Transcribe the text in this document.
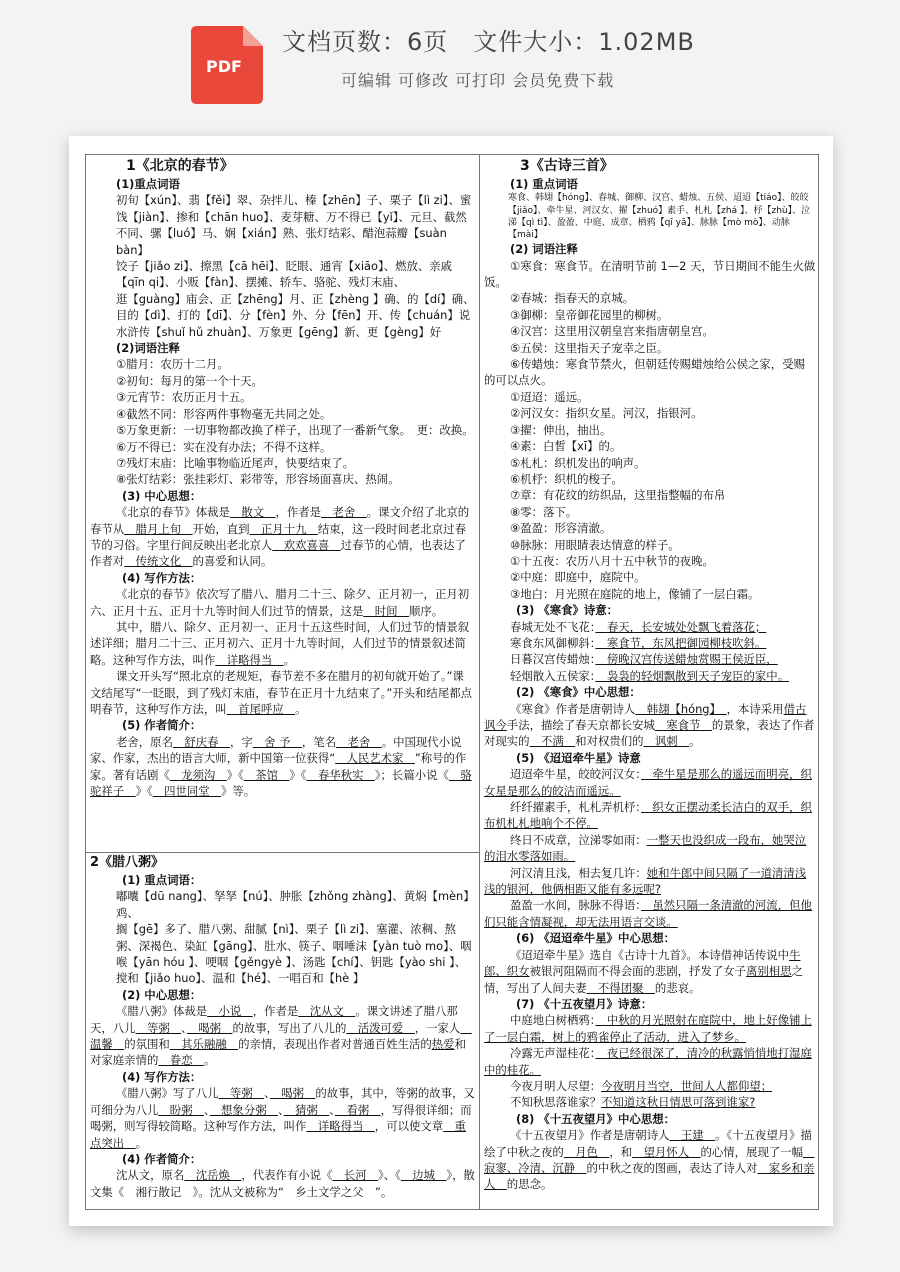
PDF
文档页数：6页　文件大小：1.02MB
可编辑 可修改 可打印 会员免费下载

1《北京的春节》

(1)重点词语

初旬【xún】、翡【fěi】翠、杂拌儿、榛【zhēn】子、栗子【lì zi】、蜜饯【jiàn】、掺和【chān huo】、麦芽糖、万不得已【yǐ】、元旦、截然不同、骡【luó】马、娴【xián】熟、张灯结彩、醋泡蒜瓣【suàn bàn】

饺子【jiǎo zi】、擦黑【cā hēi】、眨眼、通宵【xiāo】、燃放、亲戚【qīn qi】、小贩【fàn】、摆摊、轿车、骆驼、残灯末庙、

逛【guàng】庙会、正【zhēng】月、正【zhèng 】确、的【dí】确、

目的【dì】、打的【dī】、分【fèn】外、分【fēn】开、传【chuán】说

水浒传【shuǐ hǔ zhuàn】、万象更【gēng】新、更【gèng】好

(2)词语注释

①腊月：农历十二月。

②初旬：每月的第一个十天。

③元宵节：农历正月十五。

④截然不同：形容两件事物毫无共同之处。

⑤万象更新：一切事物都改换了样子，出现了一番新气象。　更：改换。

⑥万不得已：实在没有办法；不得不这样。

⑦残灯末庙：比喻事物临近尾声，快要结束了。

⑧张灯结彩：张挂彩灯、彩带等，形容场面喜庆、热闹。

(3) 中心思想：

《北京的春节》体裁是　散文　，作者是　老舍　。课文介绍了北京的春节从　腊月上旬　开始，直到　正月十九　结束，这一段时间老北京过春节的习俗。字里行间反映出老北京人　欢欢喜喜　过春节的心情，也表达了作者对　传统文化　的喜爱和认同。

(4) 写作方法：

《北京的春节》依次写了腊八、腊月二十三、除夕、正月初一，正月初六、正月十五、正月十九等时间人们过节的情景，这是　时间　顺序。

其中，腊八、除夕、正月初一、正月十五这些时间，人们过节的情景叙述详细；腊月二十三、正月初六、正月十九等时间，人们过节的情景叙述简略。这种写作方法，叫作　详略得当　。

课文开头写“照北京的老规矩，春节差不多在腊月的初旬就开始了。”课文结尾写“一眨眼，到了残灯末庙，春节在正月十九结束了。”开头和结尾都点明春节，这种写作方法，叫　首尾呼应　。

(5) 作者简介：

老舍，原名　舒庆春　，字　舍 予　，笔名　老舍　。中国现代小说家、作家，杰出的语言大师，新中国第一位获得“　人民艺术家　”称号的作家。著有话剧《　龙须沟　》《　茶馆　》《　春华秋实　》；长篇小说《　骆驼祥子　》《　四世同堂　》等。

2《腊八粥》

(1) 重点词语：

嘟囔【dū nang】、孥孥【nú】、肿胀【zhǒng zhàng】、黄焖【mèn】鸡、

搁【gē】多了、腊八粥、甜腻【nì】、栗子【lì zi】、塞灌、浓稠、熬粥、深褐色、染缸【gāng】、肚水、筷子、咽唾沫【yàn tuò mo】、咽喉【yān hóu 】、哽咽【gěngyè 】、汤匙【chí】、钥匙【yào shi 】、

搅和【jiǎo huo】、温和【hé】、一唱百和【hè 】

(2) 中心思想：

《腊八粥》体裁是　小说　，作者是　沈从文　。课文讲述了腊八那天，八儿　等粥　、　喝粥　的故事，写出了八儿的　活泼可爱　，一家人　温馨　的氛围和　其乐融融　的亲情，表现出作者对普通百姓生活的热爱和对家庭亲情的　眷恋　。

(4) 写作方法：

《腊八粥》写了八儿　等粥　、　喝粥　的故事，其中，等粥的故事，又可细分为八儿　盼粥　、　想象分粥　、　猜粥　、　看粥　，写得很详细；而喝粥，则写得较简略。这种写作方法，叫作　详略得当　，可以使文章　重点突出　。

(4) 作者简介：

沈从文，原名　沈岳焕　，代表作有小说《　长河　》、《　边城　》，散文集《　湘行散记　》。沈从文被称为“　乡土文学之父　”。

3《古诗三首》

(1) 重点词语

寒食、韩翃【hóng】、春城、御柳、汉宫、蜡烛、五侯、迢迢【tiáo】、皎皎【jiǎo】、牵牛星、河汉女、擢【zhuó】素手、札札【zhá 】、杼【zhù】、泣涕【qì tì】、盈盈、中庭、成章、栖鸦【qī yā】、脉脉【mò mò】、动脉【mài】

(2) 词语注释

①寒食：寒食节。在清明节前 1—2 天，节日期间不能生火做饭。

②春城：指春天的京城。

③御柳：皇帝御花园里的柳树。

④汉宫：这里用汉朝皇宫来指唐朝皇宫。

⑤五侯：这里指天子宠幸之臣。

⑥传蜡烛：寒食节禁火，但朝廷传赐蜡烛给公侯之家，受赐的可以点火。

①迢迢：遥远。

②河汉女：指织女星。河汉，指银河。

③擢：伸出，抽出。

④素：白皙【xī】的。

⑤札札：织机发出的响声。

⑥机杼：织机的梭子。

⑦章：有花纹的纺织品，这里指整幅的布帛

⑧零：落下。

⑨盈盈：形容清澈。

⑩脉脉：用眼睛表达情意的样子。

①十五夜：农历八月十五中秋节的夜晚。

②中庭：即庭中，庭院中。

③地白：月光照在庭院的地上，像铺了一层白霜。

(3) 《寒食》诗意：

春城无处不飞花：　春天，长安城处处飘飞着落花；

寒食东风御柳斜：　寒食节，东风把御园柳枝吹斜。

日暮汉宫传蜡烛：　傍晚汉宫传送蜡烛赏赐王侯近臣，

轻烟散入五侯家：　袅袅的轻烟飘散到天子宠臣的家中。

(2) 《寒食》中心思想：

《寒食》作者是唐朝诗人　韩翃【hóng】　，本诗采用借古讽今手法，描绘了春天京都长安城　寒食节　的景象，表达了作者对现实的　不满　和对权贵们的　讽刺　。

(5) 《迢迢牵牛星》诗意

迢迢牵牛星，皎皎河汉女：　牵牛星是那么的遥远而明亮，织女星是那么的皎洁而遥远。

纤纤擢素手，札札弄机杼：　织女正摆动柔长洁白的双手，织布机札札地响个不停。

终日不成章，泣涕零如雨：一整天也没织成一段布，她哭泣的泪水零落如雨。

河汉清且浅，相去复几许：她和牛郎中间只隔了一道清清浅浅的银河，他俩相距又能有多远呢?

盈盈一水间，脉脉不得语：　虽然只隔一条清澈的河流，但他们只能含情凝视，却无法用语言交谈。

(6) 《迢迢牵牛星》中心思想：

《迢迢牵牛星》选自《古诗十九首》。本诗借神话传说中牛郎、织女被银河阻隔而不得会面的悲剧，抒发了女子离别相思之情，写出了人间夫妻　不得团聚　的悲哀。

(7) 《十五夜望月》诗意：

中庭地白树栖鸦：　中秋的月光照射在庭院中，地上好像铺上了一层白霜，树上的鸦雀停止了活动，进入了梦乡。

冷露无声湿桂花：　夜已经很深了，清冷的秋露悄悄地打湿庭中的桂花。

今夜月明人尽望：今夜明月当空，世间人人都仰望；

不知秋思落谁家？不知道这秋日情思可落到谁家?

(8) 《十五夜望月》中心思想：

《十五夜望月》作者是唐朝诗人　王建　。《十五夜望月》描绘了中秋之夜的　月色　，和　望月怀人　的心情，展现了一幅　寂寥、冷清、沉静　的中秋之夜的图画，表达了诗人对　家乡和亲人　的思念。
